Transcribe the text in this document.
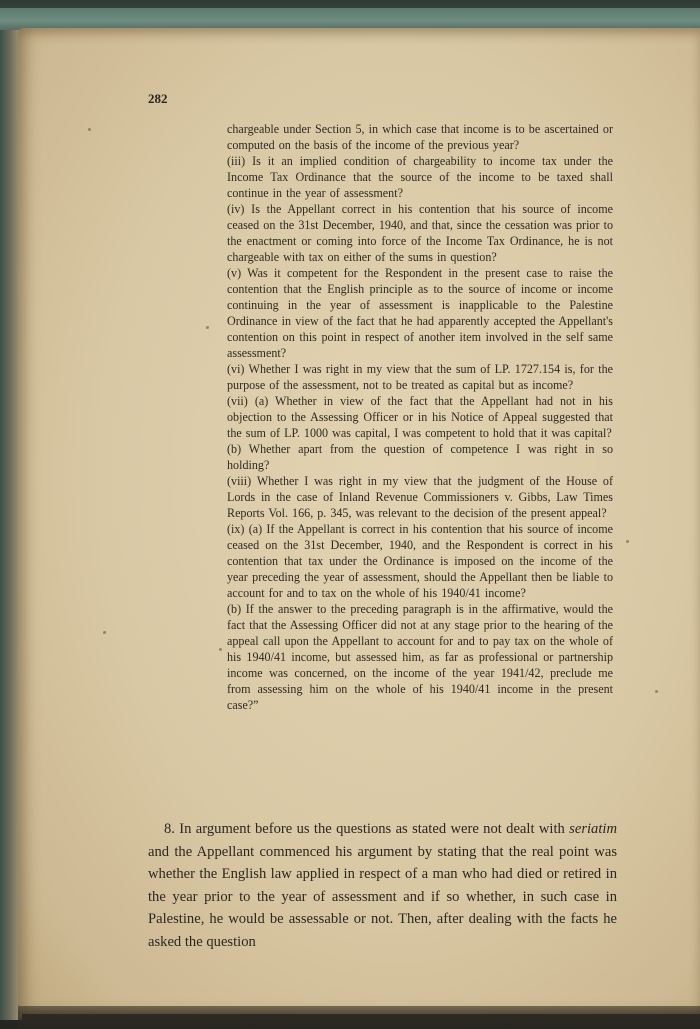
282

chargeable under Section 5, in which case that income is to be ascertained or computed on the basis of the income of the previous year?

(iii) Is it an implied condition of chargeability to income tax under the Income Tax Ordinance that the source of the income to be taxed shall continue in the year of assessment?

(iv) Is the Appellant correct in his contention that his source of income ceased on the 31st December, 1940, and that, since the cessation was prior to the enactment or coming into force of the Income Tax Ordinance, he is not chargeable with tax on either of the sums in question?

(v) Was it competent for the Respondent in the present case to raise the contention that the English principle as to the source of income or income continuing in the year of assessment is inapplicable to the Palestine Ordinance in view of the fact that he had apparently accepted the Appellant's contention on this point in respect of another item involved in the self same assessment?

(vi) Whether I was right in my view that the sum of LP. 1727.154 is, for the purpose of the assessment, not to be treated as capital but as income?

(vii) (a) Whether in view of the fact that the Appellant had not in his objection to the Assessing Officer or in his Notice of Appeal suggested that the sum of LP. 1000 was capital, I was competent to hold that it was capital?

(b) Whether apart from the question of competence I was right in so holding?

(viii) Whether I was right in my view that the judgment of the House of Lords in the case of Inland Revenue Commissioners v. Gibbs, Law Times Reports Vol. 166, p. 345, was relevant to the decision of the present appeal?

(ix) (a) If the Appellant is correct in his contention that his source of income ceased on the 31st December, 1940, and the Respondent is correct in his contention that tax under the Ordinance is imposed on the income of the year preceding the year of assessment, should the Appellant then be liable to account for and to tax on the whole of his 1940/41 income?

(b) If the answer to the preceding paragraph is in the affirmative, would the fact that the Assessing Officer did not at any stage prior to the hearing of the appeal call upon the Appellant to account for and to pay tax on the whole of his 1940/41 income, but assessed him, as far as professional or partnership income was concerned, on the income of the year 1941/42, preclude me from assessing him on the whole of his 1940/41 income in the present case?”

8. In argument before us the questions as stated were not dealt with seriatim and the Appellant commenced his argument by stating that the real point was whether the English law applied in respect of a man who had died or retired in the year prior to the year of assessment and if so whether, in such case in Palestine, he would be assessable or not. Then, after dealing with the facts he asked the question
